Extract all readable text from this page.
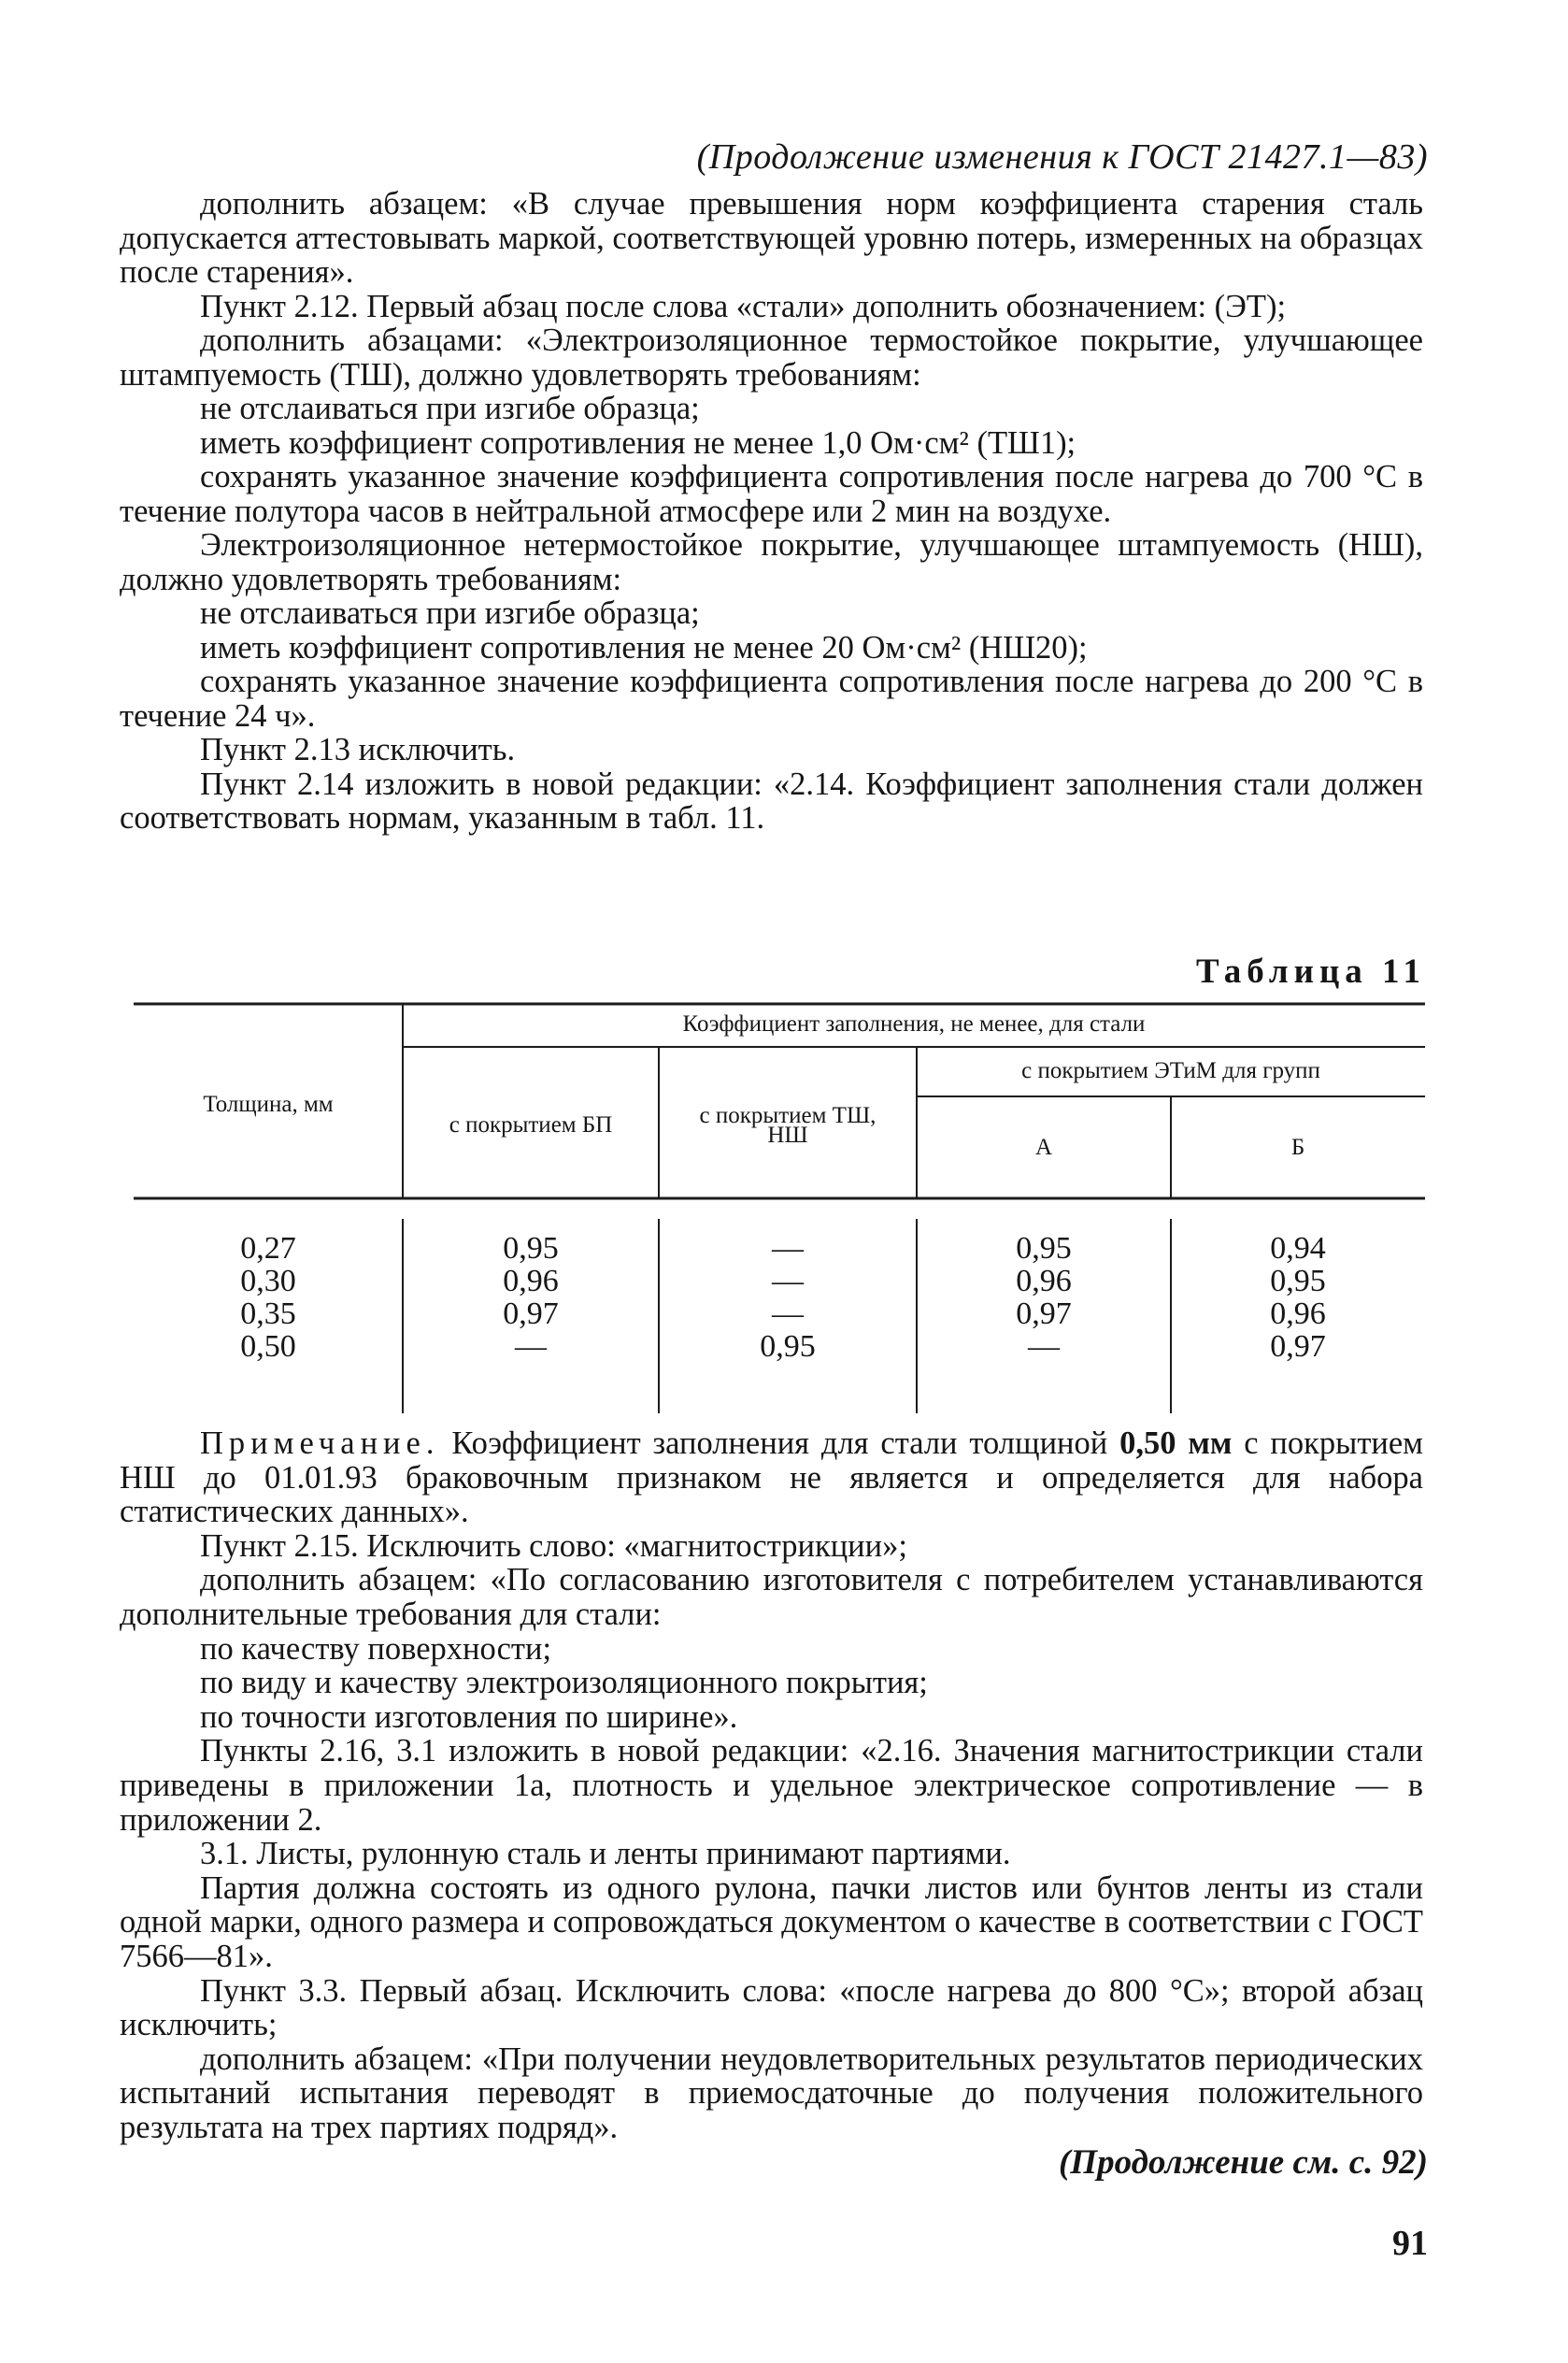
(Продолжение изменения к ГОСТ 21427.1—83)

дополнить абзацем: «В случае превышения норм коэффициента старения сталь допускается аттестовывать маркой, соответствующей уровню потерь, измеренных на образцах после старения».

Пункт 2.12. Первый абзац после слова «стали» дополнить обозначением: (ЭТ);

дополнить абзацами: «Электроизоляционное термостойкое покрытие, улучшающее штампуемость (ТШ), должно удовлетворять требованиям:

не отслаиваться при изгибе образца;

иметь коэффициент сопротивления не менее 1,0 Ом·см² (ТШ1);

сохранять указанное значение коэффициента сопротивления после нагрева до 700 °С в течение полутора часов в нейтральной атмосфере или 2 мин на воздухе.

Электроизоляционное нетермостойкое покрытие, улучшающее штампуемость (НШ), должно удовлетворять требованиям:

не отслаиваться при изгибе образца;

иметь коэффициент сопротивления не менее 20 Ом·см² (НШ20);

сохранять указанное значение коэффициента сопротивления после нагрева до 200 °С в течение 24 ч».

Пункт 2.13 исключить.

Пункт 2.14 изложить в новой редакции: «2.14. Коэффициент заполнения стали должен соответствовать нормам, указанным в табл. 11.

Таблица 11
Толщина, мм
Коэффициент заполнения, не менее, для стали
с покрытием БП	с покрытием ТШ,
НШ
с покрытием ЭТиМ для групп
А	Б
0,27	0,95	—	0,95	0,94
0,30	0,96	—	0,96	0,95
0,35	0,97	—	0,97	0,96
0,50	—	0,95	—	0,97

Примечание. Коэффициент заполнения для стали толщиной 0,50 мм с покрытием НШ до 01.01.93 браковочным признаком не является и определяется для набора статистических данных».

Пункт 2.15. Исключить слово: «магнитострикции»;

дополнить абзацем: «По согласованию изготовителя с потребителем устанавливаются дополнительные требования для стали:

по качеству поверхности;

по виду и качеству электроизоляционного покрытия;

по точности изготовления по ширине».

Пункты 2.16, 3.1 изложить в новой редакции: «2.16. Значения магнитострикции стали приведены в приложении 1а, плотность и удельное электрическое сопротивление — в приложении 2.

3.1. Листы, рулонную сталь и ленты принимают партиями.

Партия должна состоять из одного рулона, пачки листов или бунтов ленты из стали одной марки, одного размера и сопровождаться документом о качестве в соответствии с ГОСТ 7566—81».

Пункт 3.3. Первый абзац. Исключить слова: «после нагрева до 800 °С»; второй абзац исключить;

дополнить абзацем: «При получении неудовлетворительных результатов периодических испытаний испытания переводят в приемосдаточные до получения положительного результата на трех партиях подряд».

(Продолжение см. с. 92)
91
